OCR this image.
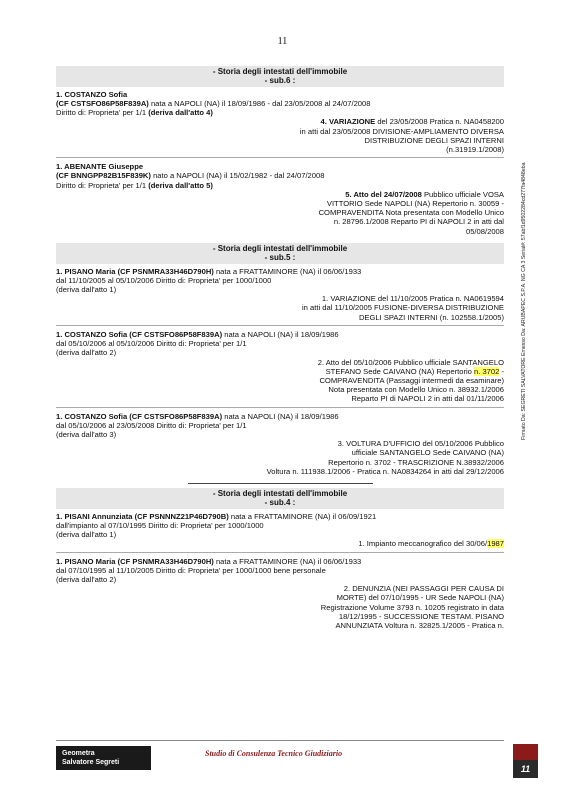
11
- Storia degli intestati dell'immobile
- sub.6 :
1. COSTANZO Sofia
(CF CSTSFO86P58F839A) nata a NAPOLI (NA) il 18/09/1986 - dal 23/05/2008 al 24/07/2008
Diritto di: Proprieta' per 1/1 (deriva dall'atto 4)
4. VARIAZIONE del 23/05/2008 Pratica n. NA0458200
in atti dal 23/05/2008 DIVISIONE-AMPLIAMENTO DIVERSA
DISTRIBUZIONE DEGLI SPAZI INTERNI
(n.31919.1/2008)
1. ABENANTE Giuseppe
(CF BNNGPP82B15F839K) nato a NAPOLI (NA) il 15/02/1982 - dal 24/07/2008
Diritto di: Proprieta' per 1/1 (deriva dall'atto 5)
5. Atto del 24/07/2008 Pubblico ufficiale VOSA
VITTORIO Sede NAPOLI (NA) Repertorio n. 30059 -
COMPRAVENDITA Nota presentata con Modello Unico
n. 28796.1/2008 Reparto PI di NAPOLI 2 in atti dal
05/08/2008
- Storia degli intestati dell'immobile
- sub.5 :
1. PISANO Maria (CF PSNMRA33H46D790H) nata a FRATTAMINORE (NA) il 06/06/1933
dal 11/10/2005 al 05/10/2006 Diritto di: Proprieta' per 1000/1000
(deriva dall'atto 1)
1. VARIAZIONE del 11/10/2005 Pratica n. NA0619594
in atti dal 11/10/2005 FUSIONE-DIVERSA DISTRIBUZIONE
DEGLI SPAZI INTERNI (n. 102558.1/2005)
1. COSTANZO Sofia (CF CSTSFO86P58F839A) nata a NAPOLI (NA) il 18/09/1986
dal 05/10/2006 al 05/10/2006 Diritto di: Proprieta' per 1/1
(deriva dall'atto 2)
2. Atto del 05/10/2006 Pubblico ufficiale SANTANGELO
STEFANO Sede CAIVANO (NA) Repertorio n. 3702 -
COMPRAVENDITA (Passaggi intermedi da esaminare)
Nota presentata con Modello Unico n. 38932.1/2006
Reparto PI di NAPOLI 2 in atti dal 01/11/2006
1. COSTANZO Sofia (CF CSTSFO86P58F839A) nata a NAPOLI (NA) il 18/09/1986
dal 05/10/2006 al 23/05/2008 Diritto di: Proprieta' per 1/1
(deriva dall'atto 3)
3. VOLTURA D'UFFICIO del 05/10/2006 Pubblico
ufficiale SANTANGELO Sede CAIVANO (NA)
Repertorio n. 3702 - TRASCRIZIONE N.38932/2006
Voltura n. 111938.1/2006 - Pratica n. NA0834264 in atti dal 29/12/2006
- Storia degli intestati dell'immobile
- sub.4 :
1. PISANI Annunziata (CF PSNNNZ21P46D790B) nata a FRATTAMINORE (NA) il 06/09/1921
dall'impianto al 07/10/1995 Diritto di: Proprieta' per 1000/1000
(deriva dall'atto 1)
1. Impianto meccanografico del 30/06/1987
1. PISANO Maria (CF PSNMRA33H46D790H) nata a FRATTAMINORE (NA) il 06/06/1933
dal 07/10/1995 al 11/10/2005 Diritto di: Proprieta' per 1000/1000 bene personale
(deriva dall'atto 2)
2. DENUNZIA (NEI PASSAGGI PER CAUSA DI
MORTE) del 07/10/1995 - UR Sede NAPOLI (NA)
Registrazione Volume 3793 n. 10205 registrato in data
18/12/1995 - SUCCESSIONE TESTAM. PISANO
ANNUNZIATA Voltura n. 32825.1/2005 - Pratica n.
Firmato Da: SEGRETI SALVATORE Emesso Da: ARUBAPEC S.P.A. NG CA 3 Serial#: 57abf1d9502284cd277fa4848eba
Geometra
Salvatore Segreti
Studio di Consulenza Tecnico Giudiziario
11
